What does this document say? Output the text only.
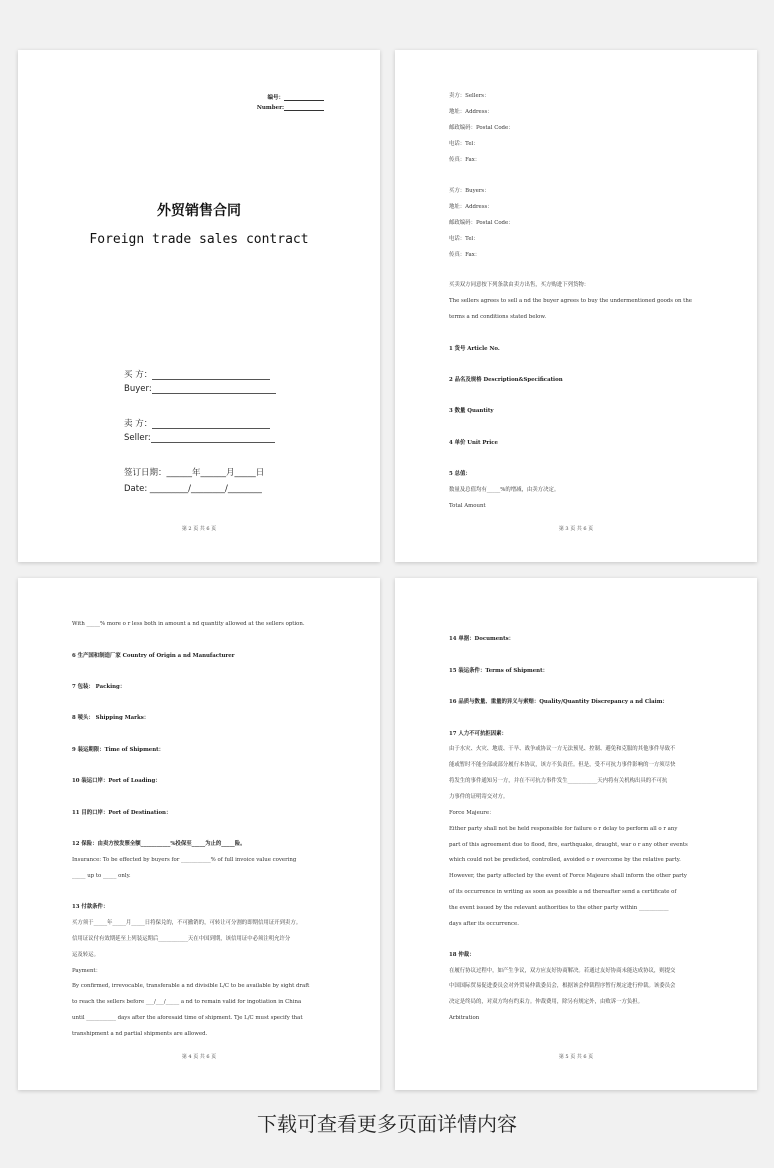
编号：
Number:
外贸销售合同
Foreign trade sales contract
买 方：
Buyer:
卖 方：
Seller:
签订日期：______年______月_____日
Date: _________/________/________
第 2 页 共 6 页
卖方：Sellers：
地址：Address：
邮政编码：Postal Code：
电话：Tel：
传真：Fax：
买方：Buyers：
地址：Address：
邮政编码：Postal Code：
电话：Tel：
传真：Fax：
买卖双方同意按下列条款由卖方出售，买方购进下列货物：
The sellers agrees to sell a nd the buyer agrees to buy the undermentioned goods on the
terms a nd conditions stated below.
1 货号 Article No.
2 品名及规格 Description&Specification
3 数量 Quantity
4 单价 Unit Price
5 总值：
数量及总值均有_____%的增减，由卖方决定。
Total Amount
第 3 页 共 6 页
With _____% more o r less both in amount a nd quantity allowed at the sellers option.
6 生产国和制造厂家 Country of Origin a nd Manufacturer
7 包装： Packing：
8 唛头： Shipping Marks：
9 装运期限：Time of Shipment：
10 装运口岸：Port of Loading：
11 目的口岸：Port of Destination：
12 保险：由卖方按发票全额___________%投保至_____为止的_____险。
Insurance: To be effected by buyers for ___________% of full invoice value covering
_____ up to _____ only.
13 付款条件：
买方须于_____年_____月_____日将保兑的，不可撤销的，可转让可分割的即期信用证开到卖方。
信用证议付有效期延至上列装运期后___________天在中国到期，该信用证中必须注明允许分
运及转运。
Payment：
By confirmed, irrevocable, transferable a nd divisible L/C to be available by sight draft
to reach the sellers before ___/___/_____ a nd to remain valid for ingotiation in China
until ___________ days after the aforesaid time of shipment. Tje L/C must specify that
transhipment a nd partial shipments are allowed.
第 4 页 共 6 页
14 单据：Documents：
15 装运条件：Terms of Shipment：
16 品质与数量、重量的异义与索赔：Quality/Quantity Discrepancy a nd Claim：
17 人力不可抗拒因素：
由于水灾、火灾、地震、干旱、战争或协议一方无法预见、控制、避免和克服的其他事件导致不
能或暂时不能全部或部分履行本协议，该方不负责任。但是，受不可抗力事件影响的一方须尽快
将发生的事件通知另一方，并在不可抗力事件发生___________天内将有关机构出具的不可抗
力事件的证明寄交对方。
Force Majeure：
Either party shall not be held responsible for failure o r delay to perform all o r any
part of this agreement due to flood, fire, earthquake, draught, war o r any other events
which could not be predicted, controlled, avoided o r overcome by the relative party.
However, the party affected by the event of Force Majeure shall inform the other party
of its occurrence in writing as soon as possible a nd thereafter send a certificate of
the event issued by the relevant authorities to the other party within ___________
days after its occurrence.
18 仲裁：
在履行协议过程中，如产生争议，双方应友好协商解决。若通过友好协商未能达成协议，则提交
中国国际贸易促进委员会对外贸易仲裁委员会，根据该会仲裁程序暂行规定进行仲裁。该委员会
决定是终局的，对双方均有约束力。仲裁费用，除另有规定外，由败诉一方负担。
Arbitration
第 5 页 共 6 页
下载可查看更多页面详情内容
